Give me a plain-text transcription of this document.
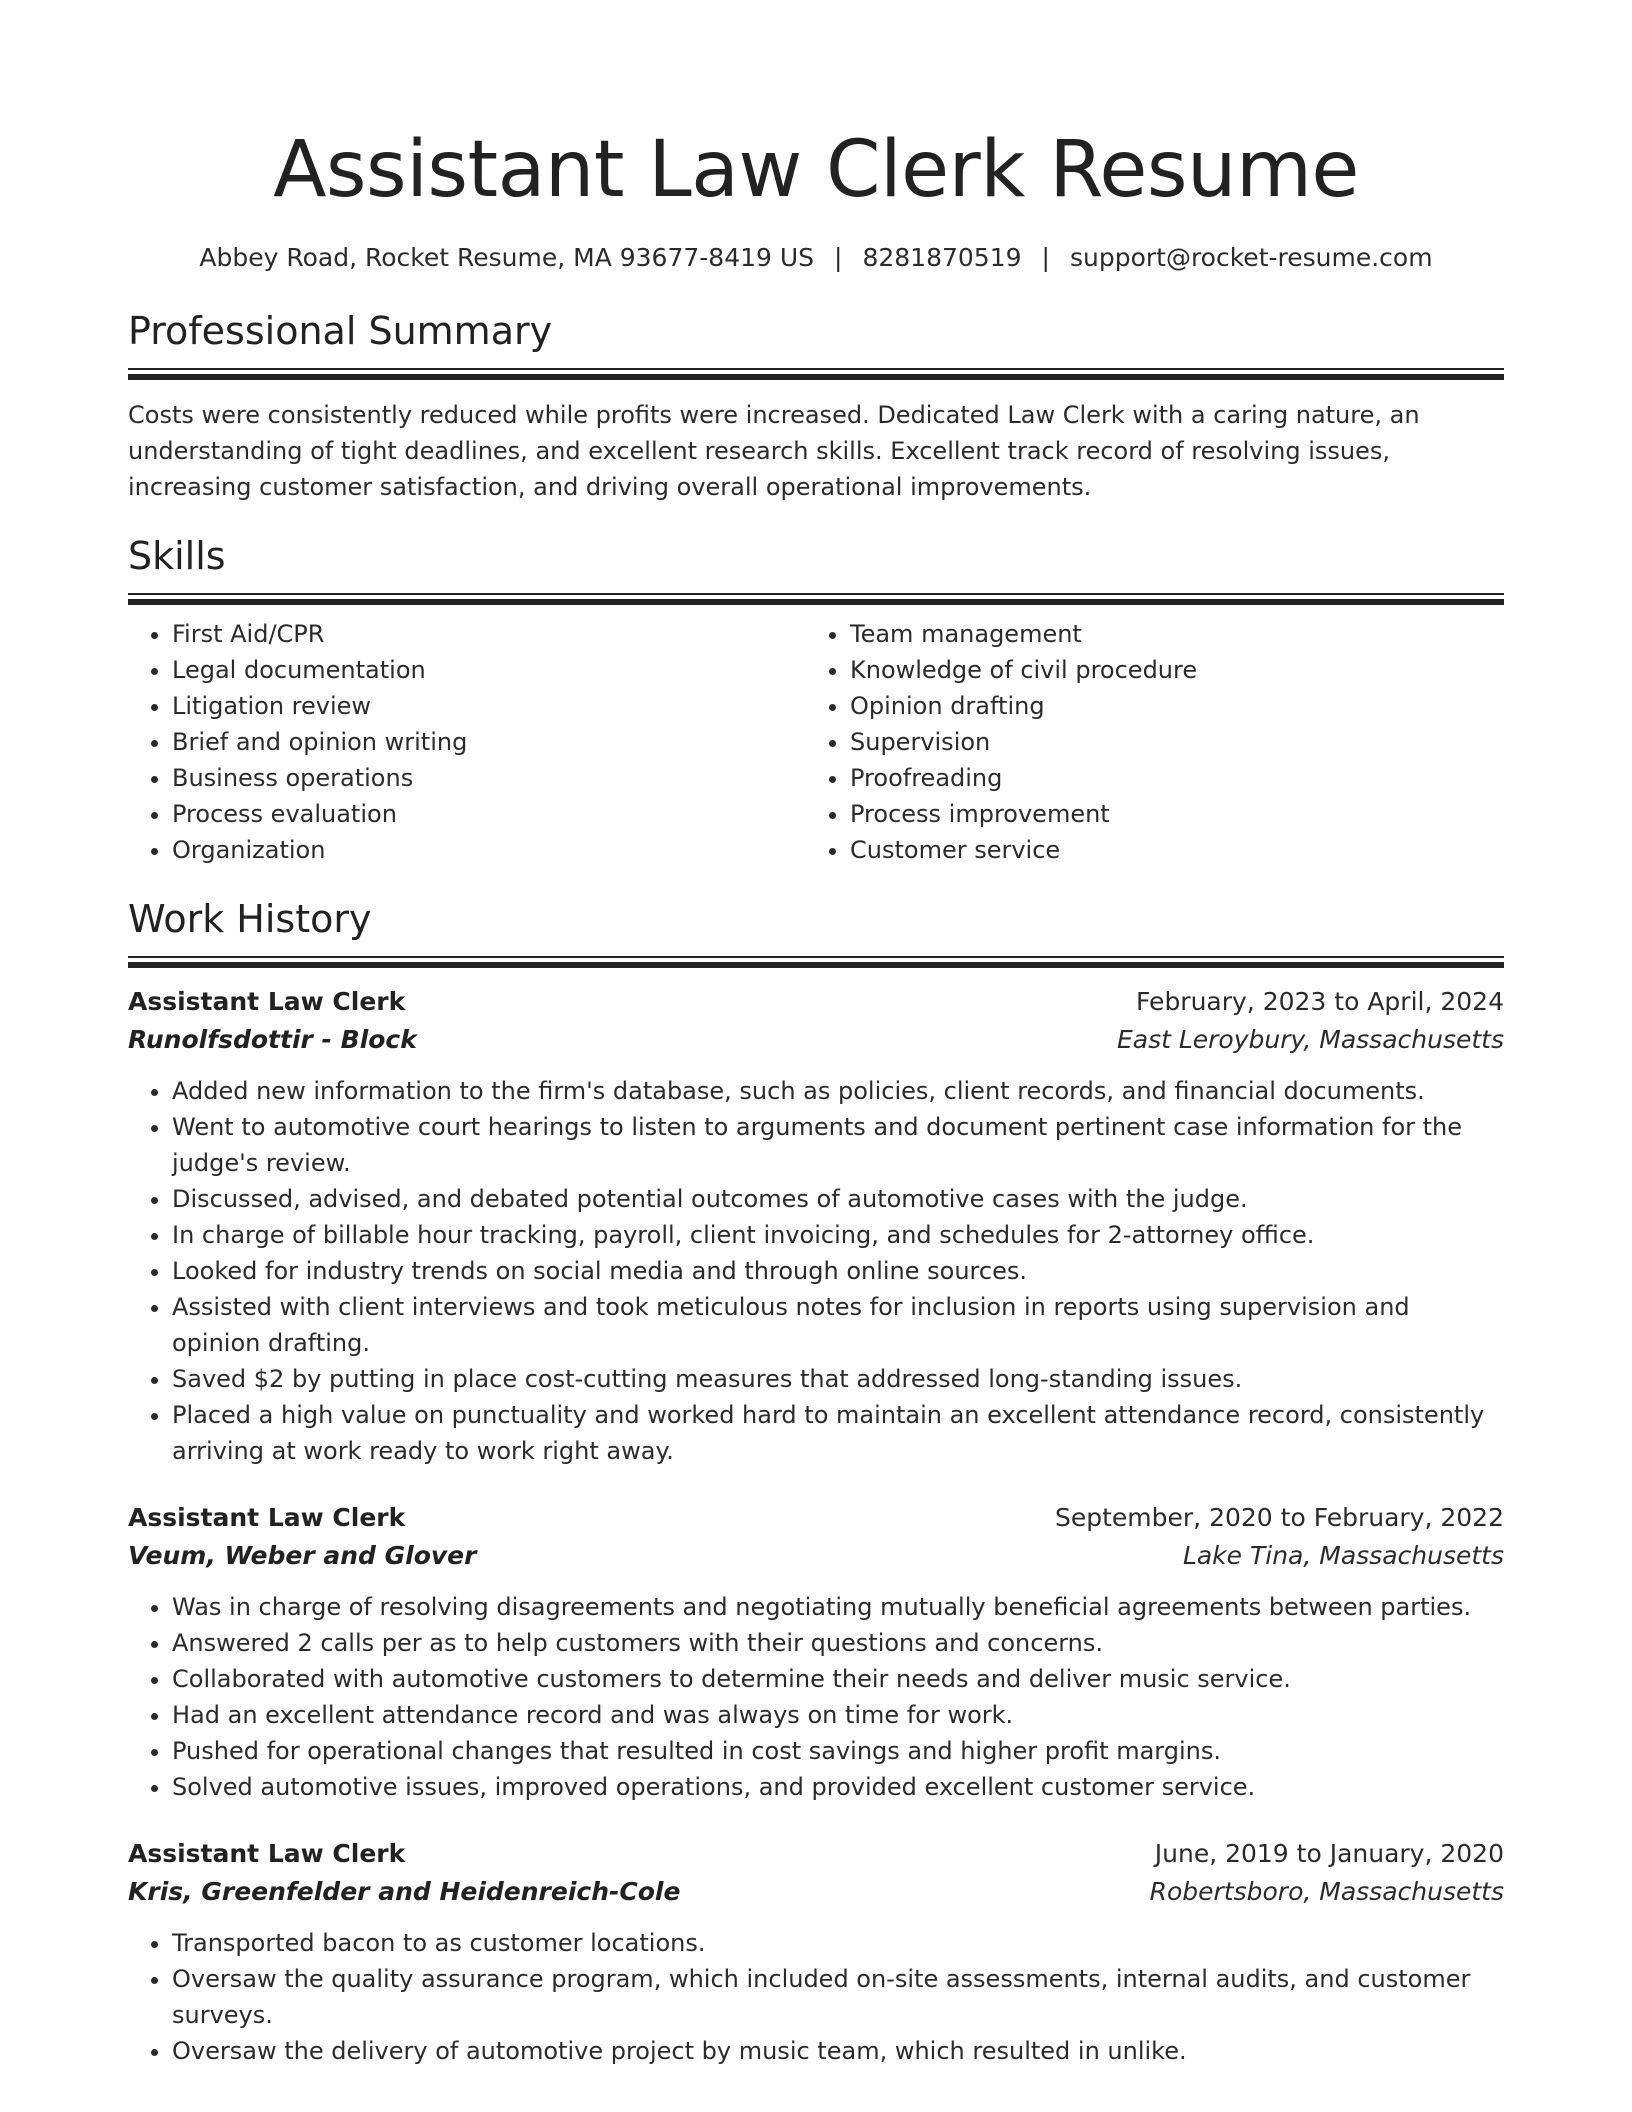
Assistant Law Clerk Resume
Abbey Road, Rocket Resume, MA 93677-8419 US | 8281870519 | support@rocket-resume.com
Professional Summary

Costs were consistently reduced while profits were increased. Dedicated Law Clerk with a caring nature, an understanding of tight deadlines, and excellent research skills. Excellent track record of resolving issues, increasing customer satisfaction, and driving overall operational improvements.

Skills
• First Aid/CPR
• Legal documentation
• Litigation review
• Brief and opinion writing
• Business operations
• Process evaluation
• Organization
• Team management
• Knowledge of civil procedure
• Opinion drafting
• Supervision
• Proofreading
• Process improvement
• Customer service
Work History
Assistant Law Clerk	February, 2023 to April, 2024
Runolfsdottir - Block	East Leroybury, Massachusetts
• Added new information to the firm's database, such as policies, client records, and financial documents.
• Went to automotive court hearings to listen to arguments and document pertinent case information for the judge's review.
• Discussed, advised, and debated potential outcomes of automotive cases with the judge.
• In charge of billable hour tracking, payroll, client invoicing, and schedules for 2-attorney office.
• Looked for industry trends on social media and through online sources.
• Assisted with client interviews and took meticulous notes for inclusion in reports using supervision and opinion drafting.
• Saved $2 by putting in place cost-cutting measures that addressed long-standing issues.
• Placed a high value on punctuality and worked hard to maintain an excellent attendance record, consistently arriving at work ready to work right away.
Assistant Law Clerk	September, 2020 to February, 2022
Veum, Weber and Glover	Lake Tina, Massachusetts
• Was in charge of resolving disagreements and negotiating mutually beneficial agreements between parties.
• Answered 2 calls per as to help customers with their questions and concerns.
• Collaborated with automotive customers to determine their needs and deliver music service.
• Had an excellent attendance record and was always on time for work.
• Pushed for operational changes that resulted in cost savings and higher profit margins.
• Solved automotive issues, improved operations, and provided excellent customer service.
Assistant Law Clerk	June, 2019 to January, 2020
Kris, Greenfelder and Heidenreich-Cole	Robertsboro, Massachusetts
• Transported bacon to as customer locations.
• Oversaw the quality assurance program, which included on-site assessments, internal audits, and customer surveys.
• Oversaw the delivery of automotive project by music team, which resulted in unlike.
